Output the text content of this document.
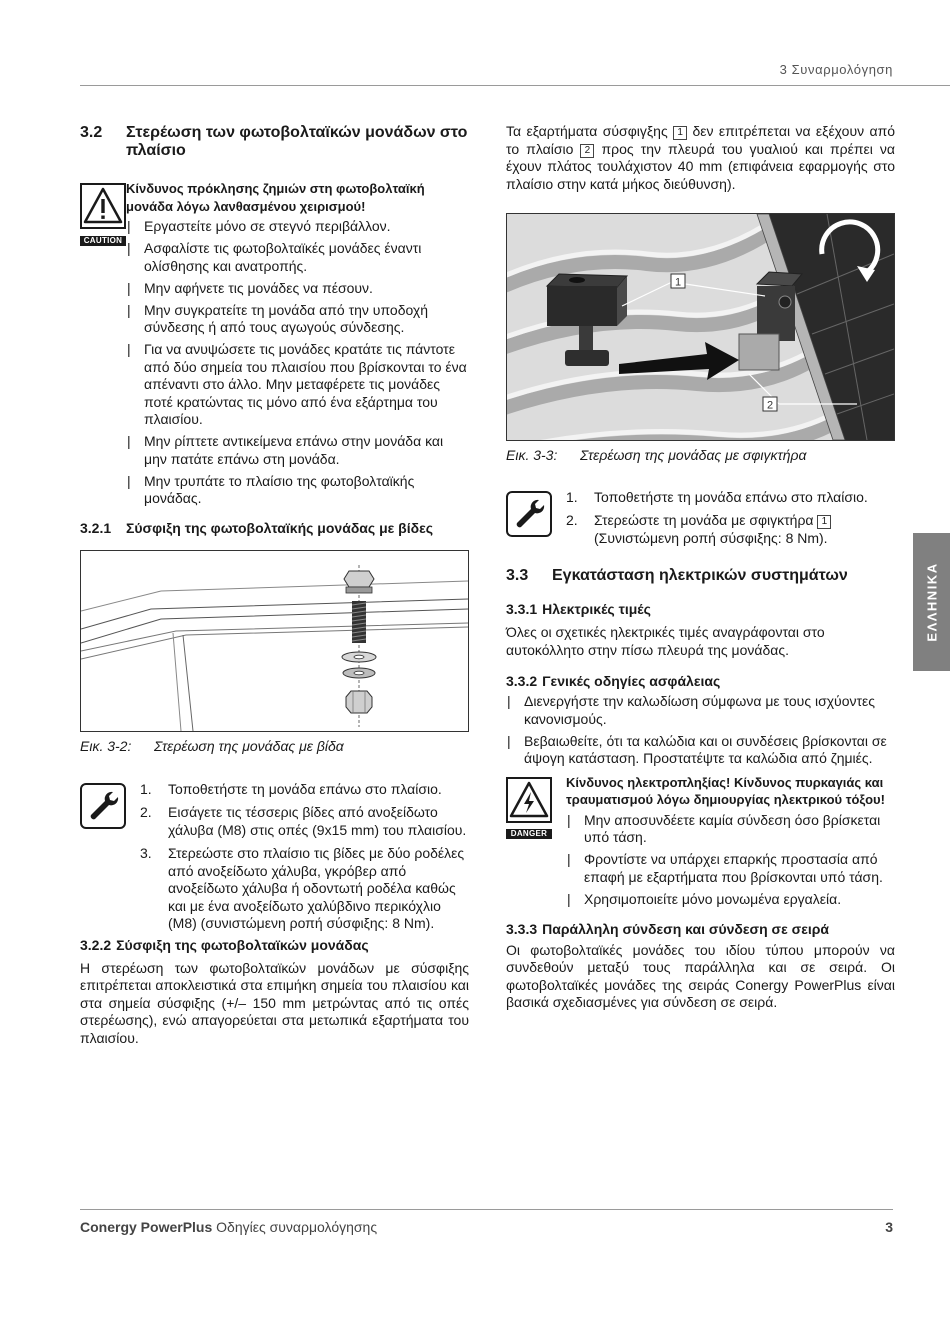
3 Συναρμολόγηση
ΕΛΛΗΝΙΚΑ
3.2	Στερέωση των φωτοβολταϊκών μονάδων στο πλαίσιο
CAUTION
Κίνδυνος πρόκλησης ζημιών στη φωτοβολταϊκή μονάδα λόγω λανθασμένου χειρισμού!
| Εργαστείτε μόνο σε στεγνό περιβάλλον.
| Ασφαλίστε τις φωτοβολταϊκές μονάδες έναντι ολίσθησης και ανατροπής.
| Μην αφήνετε τις μονάδες να πέσουν.
| Μην συγκρατείτε τη μονάδα από την υποδοχή σύνδεσης ή από τους αγωγούς σύνδεσης.
| Για να ανυψώσετε τις μονάδες κρατάτε τις πάντοτε από δύο σημεία του πλαισίου που βρίσκονται το ένα απέναντι στο άλλο. Μην μεταφέρετε τις μονάδες ποτέ κρατώντας τις μόνο από ένα εξάρτημα του πλαισίου.
| Μην ρίπτετε αντικείμενα επάνω στην μονάδα και μην πατάτε επάνω στη μονάδα.
| Μην τρυπάτε το πλαίσιο της φωτοβολταϊκής μονάδας.
3.2.1	Σύσφιξη της φωτοβολταϊκής μονάδας με βίδες
Εικ. 3-2:	Στερέωση της μονάδας με βίδα
1. Τοποθετήστε τη μονάδα επάνω στο πλαίσιο.
2. Εισάγετε τις τέσσερις βίδες από ανοξείδωτο χάλυβα (M8) στις οπές (9x15 mm) του πλαισίου.
3. Στερεώστε στο πλαίσιο τις βίδες με δύο ροδέλες από ανοξείδωτο χάλυβα, γκρόβερ από ανοξείδωτο χάλυβα ή οδοντωτή ροδέλα καθώς και με ένα ανοξείδωτο χαλύβδινο περικόχλιο (M8) (συνιστώμενη ροπή σύσφιξης: 8 Nm).
3.2.2 Σύσφιξη της φωτοβολταϊκών μονάδας

Η στερέωση των φωτοβολταϊκών μονάδων με σύσφιξης επιτρέπεται αποκλειστικά στα επιμήκη σημεία του πλαισίου και στα σημεία σύσφιξης (+/– 150 mm μετρώντας από τις οπές στερέωσης), ενώ απαγορεύεται στα μετωπικά εξαρτήματα του πλαισίου.

Τα εξαρτήματα σύσφιγξης 1 δεν επιτρέπεται να εξέχουν από το πλαίσιο 2 προς την πλευρά του γυαλιού και πρέπει να έχουν πλάτος τουλάχιστον 40 mm (επιφάνεια εφαρμογής στο πλαίσιο στην κατά μήκος διεύθυνση).

1
2
Εικ. 3-3:	Στερέωση της μονάδας με σφιγκτήρα
1. Τοποθετήστε τη μονάδα επάνω στο πλαίσιο.
2. Στερεώστε τη μονάδα με σφιγκτήρα 1 (Συνιστώμενη ροπή σύσφιξης: 8 Nm).
3.3	Εγκατάσταση ηλεκτρικών συστημάτων
3.3.1 Ηλεκτρικές τιμές

Όλες οι σχετικές ηλεκτρικές τιμές αναγράφονται στο αυτοκόλλητο στην πίσω πλευρά της μονάδας.

3.3.2 Γενικές οδηγίες ασφάλειας
| Διενεργήστε την καλωδίωση σύμφωνα με τους ισχύοντες κανονισμούς.
| Βεβαιωθείτε, ότι τα καλώδια και οι συνδέσεις βρίσκονται σε άψογη κατάσταση. Προστατέψτε τα καλώδια από ζημιές.
DANGER
Κίνδυνος ηλεκτροπληξίας! Κίνδυνος πυρκαγιάς και τραυματισμού λόγω δημιουργίας ηλεκτρικού τόξου!
| Μην αποσυνδέετε καμία σύνδεση όσο βρίσκεται υπό τάση.
| Φροντίστε να υπάρχει επαρκής προστασία από επαφή με εξαρτήματα που βρίσκονται υπό τάση.
| Χρησιμοποιείτε μόνο μονωμένα εργαλεία.
3.3.3 Παράλληλη σύνδεση και σύνδεση σε σειρά

Οι φωτοβολταϊκές μονάδες του ιδίου τύπου μπορούν να συνδεθούν μεταξύ τους παράλληλα και σε σειρά. Οι φωτοβολταϊκές μονάδες της σειράς Conergy PowerPlus είναι βασικά σχεδιασμένες για σύνδεση σε σειρά.

Conergy PowerPlus Οδηγίες συναρμολόγησης	3
